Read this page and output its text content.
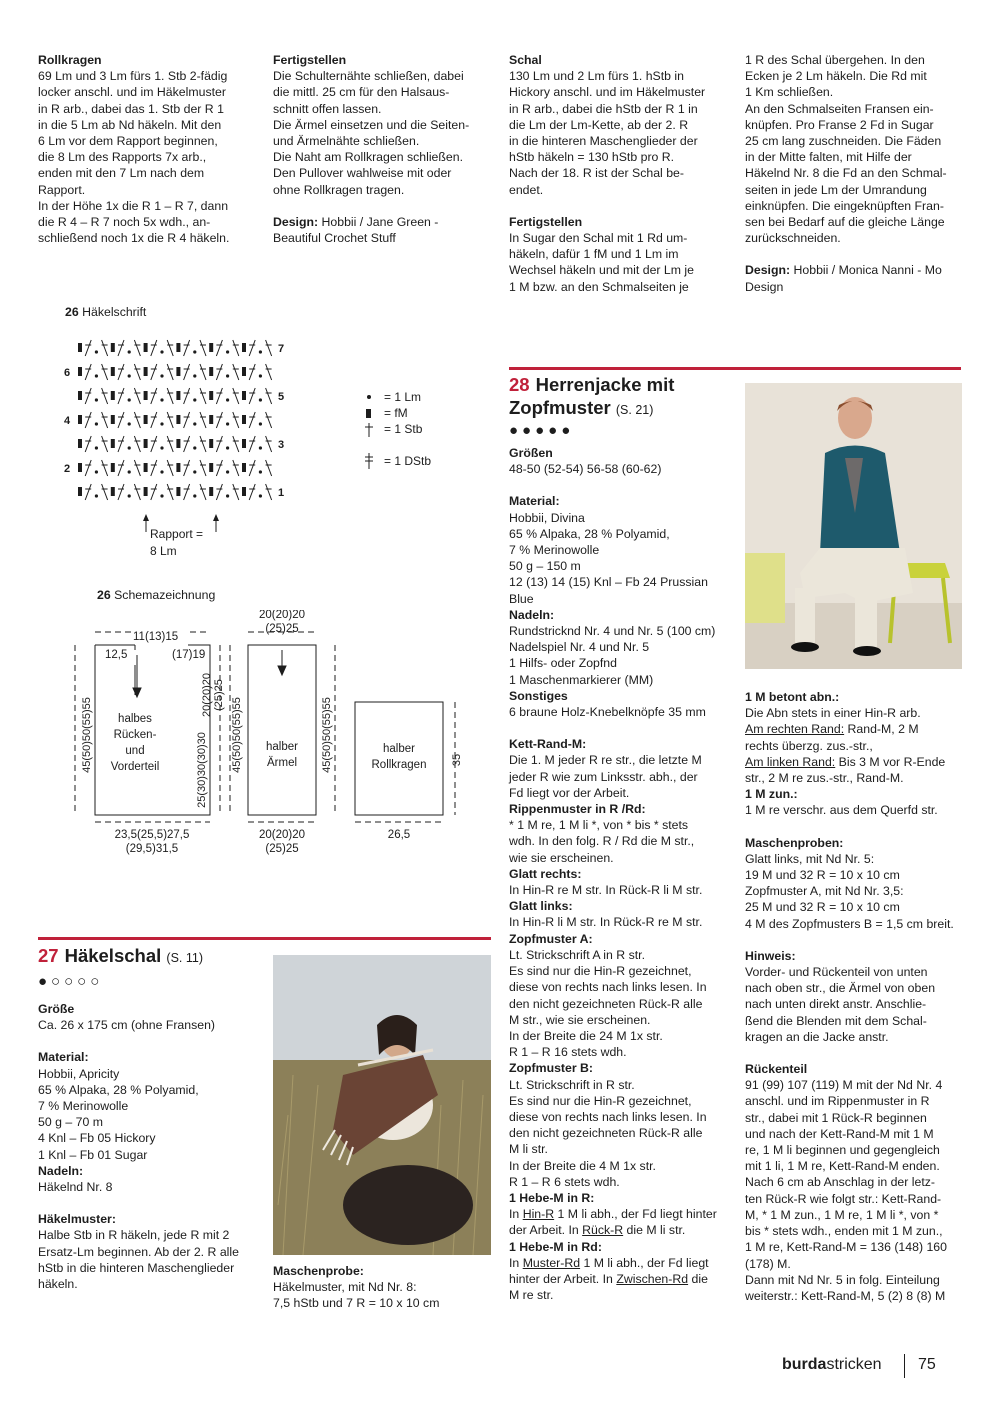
Rollkragen

69 Lm und 3 Lm fürs 1. Stb 2-fädig
locker anschl. und im Häkelmuster
in R arb., dabei das 1. Stb der R 1
in die 5 Lm ab Nd häkeln. Mit den
6 Lm vor dem Rapport beginnen,
die 8 Lm des Rapports 7x arb.,
enden mit den 7 Lm nach dem
Rapport.
In der Höhe 1x die R 1 – R 7, dann
die R 4 – R 7 noch 5x wdh., an-
schließend noch 1x die R 4 häkeln.

Fertigstellen

Die Schulternähte schließen, dabei
die mittl. 25 cm für den Halsaus-
schnitt offen lassen.
Die Ärmel einsetzen und die Seiten-
und Ärmelnähte schließen.
Die Naht am Rollkragen schließen.
Den Pullover wahlweise mit oder
ohne Rollkragen tragen.

Design: Hobbii / Jane Green -
Beautiful Crochet Stuff

Schal

130 Lm und 2 Lm fürs 1. hStb in
Hickory anschl. und im Häkelmuster
in R arb., dabei die hStb der R 1 in
die Lm der Lm-Kette, ab der 2. R
in die hinteren Maschenglieder der
hStb häkeln = 130 hStb pro R.
Nach der 18. R ist der Schal be-
endet.

Fertigstellen

In Sugar den Schal mit 1 Rd um-
häkeln, dafür 1 fM und 1 Lm im
Wechsel häkeln und mit der Lm je
1 M bzw. an den Schmalseiten je

1 R des Schal übergehen. In den
Ecken je 2 Lm häkeln. Die Rd mit
1 Km schließen.
An den Schmalseiten Fransen ein-
knüpfen. Pro Franse 2 Fd in Sugar
25 cm lang zuschneiden. Die Fäden
in der Mitte falten, mit Hilfe der
Häkelnd Nr. 8 die Fd an den Schmal-
seiten in jede Lm der Umrandung
einknüpfen. Die eingeknüpften Fran-
sen bei Bedarf auf die gleiche Länge
zurückschneiden.

Design: Hobbii / Monica Nanni - Mo
Design

26 Häkelschrift

1
2
3
4
5
6
7
Rapport =
8 Lm
= 1 Lm
= fM
= 1 Stb
= 1 DStb

26 Schemazeichnung

12,5
11(13)15
(17)19
halbes Rücken-und Vorderteil
45(50)50(55)55
20(20)20(25)25
25(30)30(30)30
23,5(25,5)27,5 (29,5)31,5
20(20)20 (25)25
halber Ärmel
45(50)50(55)55	45(50)50(55)55
20(20)20 (25)25
halber Rollkragen 35
26,5
27 Häkelschal (S. 11)
●○○○○

Größe

Ca. 26 x 175 cm (ohne Fransen)

Material:

Hobbii, Apricity
65 % Alpaka, 28 % Polyamid,
7 % Merinowolle
50 g – 70 m
4 Knl – Fb 05 Hickory
1 Knl – Fb 01 Sugar

Nadeln:

Häkelnd Nr. 8

Häkelmuster:

Halbe Stb in R häkeln, jede R mit 2
Ersatz-Lm beginnen. Ab der 2. R alle
hStb in die hinteren Maschenglieder
häkeln.

Maschenprobe:

Häkelmuster, mit Nd Nr. 8:
7,5 hStb und 7 R = 10 x 10 cm

28 Herrenjacke mit
Zopfmuster (S. 21)
●●●●●

Größen

48-50 (52-54) 56-58 (60-62)

Material:

Hobbii, Divina
65 % Alpaka, 28 % Polyamid,
7 % Merinowolle
50 g – 150 m
12 (13) 14 (15) Knl – Fb 24 Prussian
Blue

Nadeln:

Rundstricknd Nr. 4 und Nr. 5 (100 cm)
Nadelspiel Nr. 4 und Nr. 5
1 Hilfs- oder Zopfnd
1 Maschenmarkierer (MM)

Sonstiges

6 braune Holz-Knebelknöpfe 35 mm

Kett-Rand-M:

Die 1. M jeder R re str., die letzte M
jeder R wie zum Linksstr. abh., der
Fd liegt vor der Arbeit.

Rippenmuster in R /Rd:

* 1 M re, 1 M li *, von * bis * stets
wdh. In den folg. R / Rd die M str.,
wie sie erscheinen.

Glatt rechts:

In Hin-R re M str. In Rück-R li M str.

Glatt links:

In Hin-R li M str. In Rück-R re M str.

Zopfmuster A:

Lt. Strickschrift A in R str.
Es sind nur die Hin-R gezeichnet,
diese von rechts nach links lesen. In
den nicht gezeichneten Rück-R alle
M str., wie sie erscheinen.
In der Breite die 24 M 1x str.
R 1 – R 16 stets wdh.

Zopfmuster B:

Lt. Strickschrift in R str.
Es sind nur die Hin-R gezeichnet,
diese von rechts nach links lesen. In
den nicht gezeichneten Rück-R alle
M li str.
In der Breite die 4 M 1x str.
R 1 – R 6 stets wdh.

1 Hebe-M in R:

In Hin-R 1 M li abh., der Fd liegt hinter
der Arbeit. In Rück-R die M li str.

1 Hebe-M in Rd:

In Muster-Rd 1 M li abh., der Fd liegt
hinter der Arbeit. In Zwischen-Rd die
M re str.

1 M betont abn.:

Die Abn stets in einer Hin-R arb.

Am rechten Rand: Rand-M, 2 M
rechts überzg. zus.-str.,

Am linken Rand: Bis 3 M vor R-Ende
str., 2 M re zus.-str., Rand-M.

1 M zun.:

1 M re verschr. aus dem Querfd str.

Maschenproben:

Glatt links, mit Nd Nr. 5:
19 M und 32 R = 10 x 10 cm
Zopfmuster A, mit Nd Nr. 3,5:
25 M und 32 R = 10 x 10 cm
4 M des Zopfmusters B = 1,5 cm breit.

Hinweis:

Vorder- und Rückenteil von unten
nach oben str., die Ärmel von oben
nach unten direkt anstr. Anschlie-
ßend die Blenden mit dem Schal-
kragen an die Jacke anstr.

Rückenteil

91 (99) 107 (119) M mit der Nd Nr. 4
anschl. und im Rippenmuster in R
str., dabei mit 1 Rück-R beginnen
und nach der Kett-Rand-M mit 1 M
re, 1 M li beginnen und gegengleich
mit 1 li, 1 M re, Kett-Rand-M enden.
Nach 6 cm ab Anschlag in der letz-
ten Rück-R wie folgt str.: Kett-Rand-
M, * 1 M zun., 1 M re, 1 M li *, von *
bis * stets wdh., enden mit 1 M zun.,
1 M re, Kett-Rand-M = 136 (148) 160
(178) M.
Dann mit Nd Nr. 5 in folg. Einteilung
weiterstr.: Kett-Rand-M, 5 (2) 8 (8) M

burdastricken 75
